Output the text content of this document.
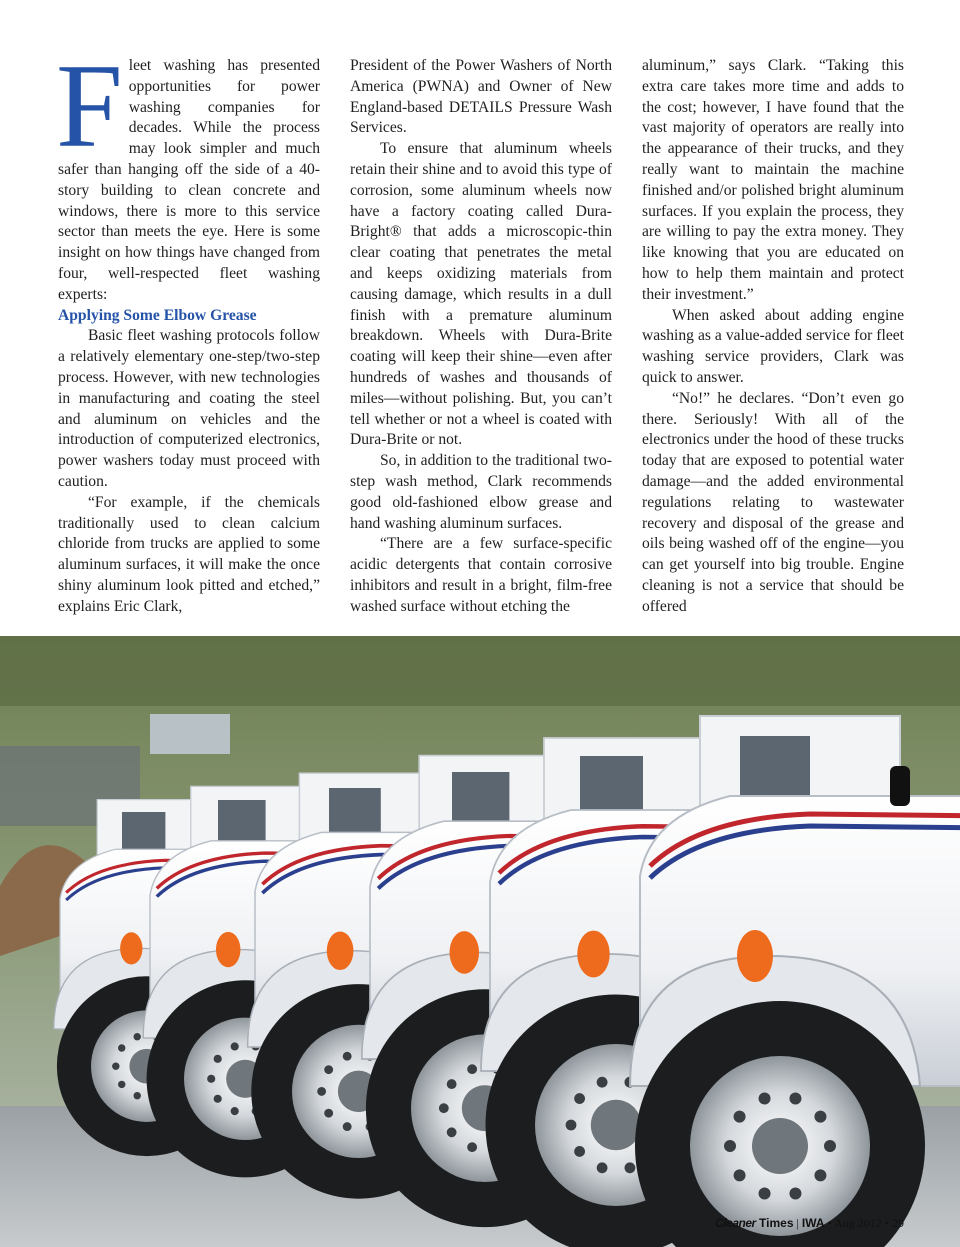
Fleet washing has presented opportunities for power washing companies for decades. While the process may look simpler and much safer than hanging off the side of a 40-story building to clean concrete and windows, there is more to this service sector than meets the eye. Here is some insight on how things have changed from four, well-respected fleet washing experts:

Applying Some Elbow Grease

Basic fleet washing protocols follow a relatively elementary one-step/two-step process. However, with new technologies in manufacturing and coating the steel and aluminum on vehicles and the introduction of computerized electronics, power washers today must proceed with caution.

“For example, if the chemicals traditionally used to clean calcium chloride from trucks are applied to some aluminum surfaces, it will make the once shiny aluminum look pitted and etched,” explains Eric Clark,

President of the Power Washers of North America (PWNA) and Owner of New England-based DETAILS Pressure Wash Services.

To ensure that aluminum wheels retain their shine and to avoid this type of corrosion, some aluminum wheels now have a factory coating called Dura-Bright® that adds a microscopic-thin clear coating that penetrates the metal and keeps oxidizing materials from causing damage, which results in a dull finish with a premature aluminum breakdown. Wheels with Dura-Brite coating will keep their shine—even after hundreds of washes and thousands of miles—without polishing. But, you can’t tell whether or not a wheel is coated with Dura-Brite or not.

So, in addition to the traditional two-step wash method, Clark recommends good old-fashioned elbow grease and hand washing aluminum surfaces.

“There are a few surface-specific acidic detergents that contain corrosive inhibitors and result in a bright, film-free washed surface without etching the

aluminum,” says Clark. “Taking this extra care takes more time and adds to the cost; however, I have found that the vast majority of operators are really into the appearance of their trucks, and they really want to maintain the machine finished and/or polished bright aluminum surfaces. If you explain the process, they are willing to pay the extra money. They like knowing that you are educated on how to help them maintain and protect their investment.”

When asked about adding engine washing as a value-added service for fleet washing service providers, Clark was quick to answer.

“No!” he declares. “Don’t even go there. Seriously! With all of the electronics under the hood of these trucks today that are exposed to potential water damage—and the added environmental regulations relating to wastewater recovery and disposal of the grease and oils being washed off of the engine—you can get yourself into big trouble. Engine cleaning is not a service that should be offered

Cleaner Times | IWA • Aug 2012 • 29
